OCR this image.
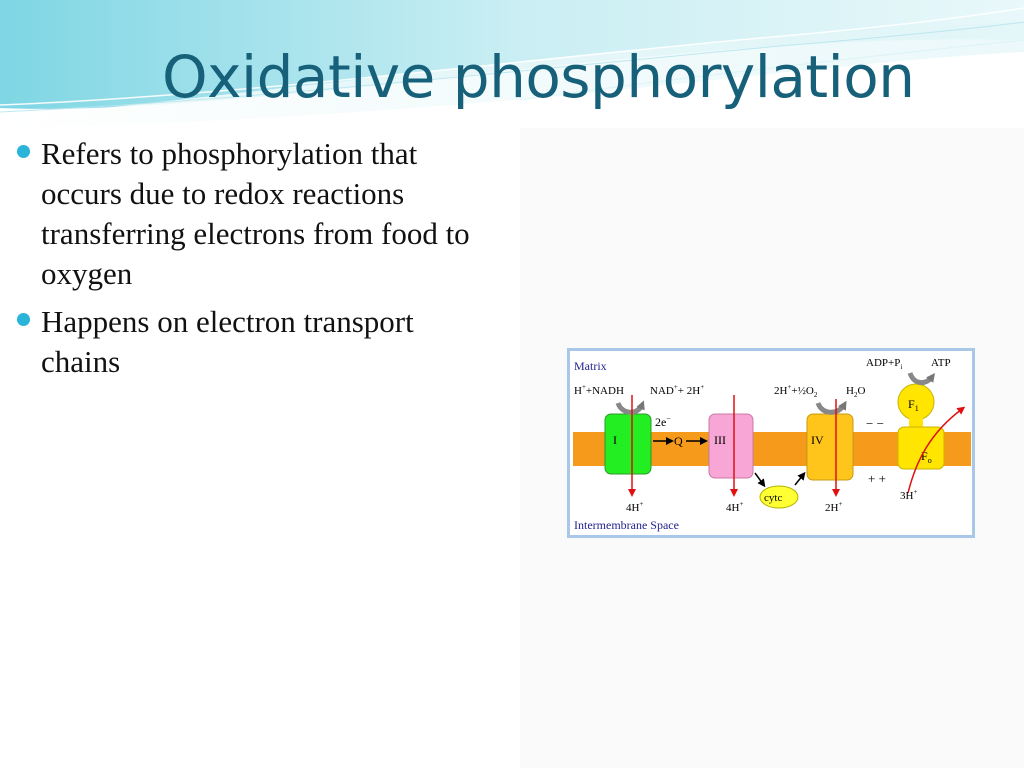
Oxidative phosphorylation
Refers to phosphorylation that occurs due to redox reactions transferring electrons from food to oxygen
Happens on electron transport chains	Matrix
Intermembrane Space
I	III	IV
$F_1$
$F_o$
cytc
2e−
Q
H++NADH NAD++ 2H+	$2H^++\frac{1}{2}O_2$	$H_2O$
$ADP+P_i$	ATP
− −
+ +
4H+	4H+	2H+
3H+
